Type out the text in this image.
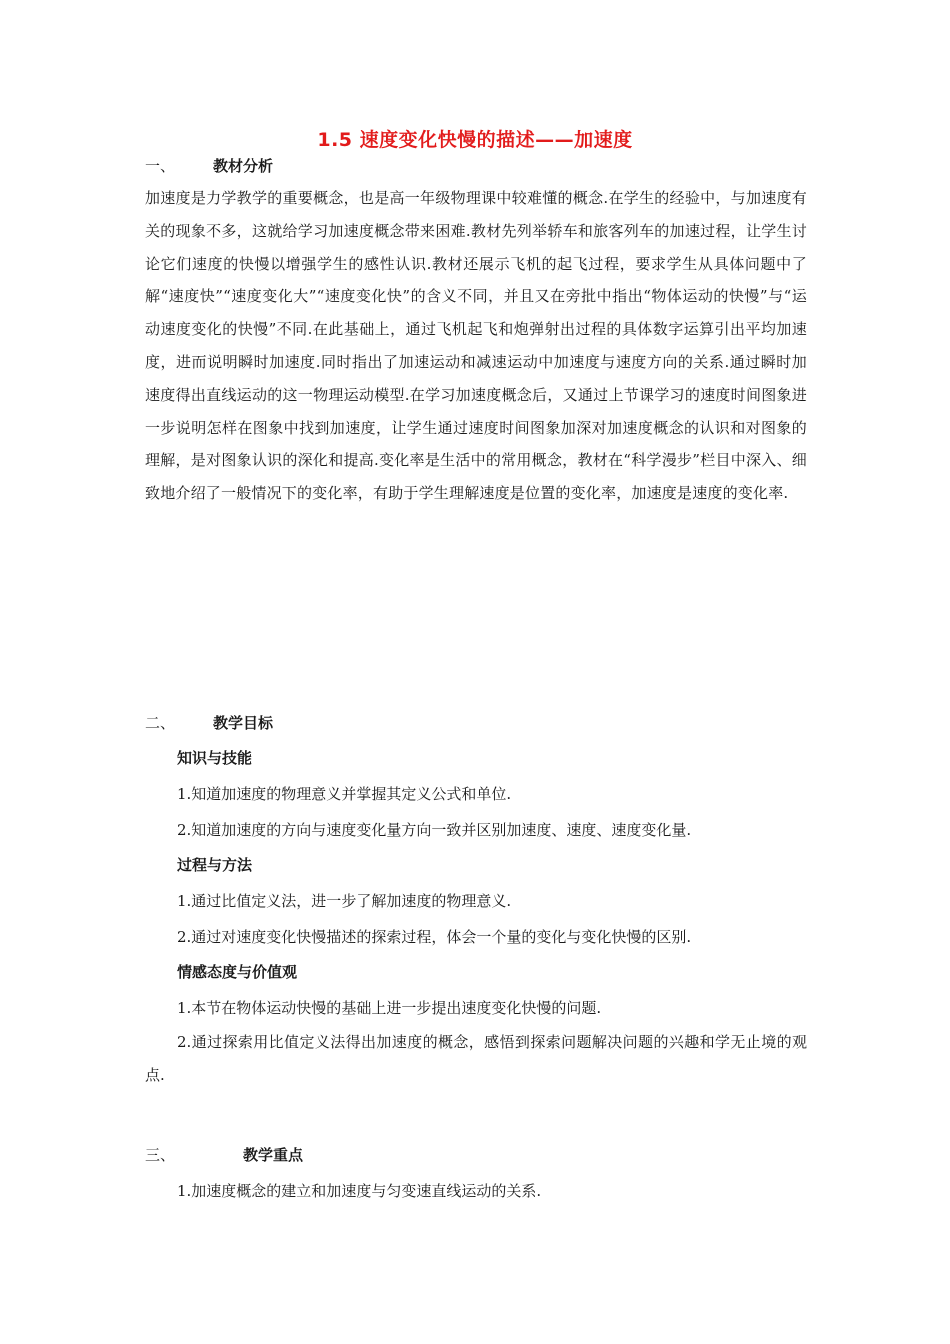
1.5 速度变化快慢的描述——加速度
一、	教材分析
加速度是力学教学的重要概念，也是高一年级物理课中较难懂的概念.在学生的经验中，与加速度有关的现象不多，这就给学习加速度概念带来困难.教材先列举轿车和旅客列车的加速过程，让学生讨论它们速度的快慢以增强学生的感性认识.教材还展示飞机的起飞过程，要求学生从具体问题中了解“速度快”“速度变化大”“速度变化快”的含义不同，并且又在旁批中指出“物体运动的快慢”与“运动速度变化的快慢”不同.在此基础上，通过飞机起飞和炮弹射出过程的具体数字运算引出平均加速度，进而说明瞬时加速度.同时指出了加速运动和减速运动中加速度与速度方向的关系.通过瞬时加速度得出直线运动的这一物理运动模型.在学习加速度概念后，又通过上节课学习的速度时间图象进一步说明怎样在图象中找到加速度，让学生通过速度时间图象加深对加速度概念的认识和对图象的理解，是对图象认识的深化和提高.变化率是生活中的常用概念，教材在“科学漫步”栏目中深入、细致地介绍了一般情况下的变化率，有助于学生理解速度是位置的变化率，加速度是速度的变化率.
二、	教学目标
知识与技能
1.知道加速度的物理意义并掌握其定义公式和单位.
2.知道加速度的方向与速度变化量方向一致并区别加速度、速度、速度变化量.
过程与方法
1.通过比值定义法，进一步了解加速度的物理意义.
2.通过对速度变化快慢描述的探索过程，体会一个量的变化与变化快慢的区别.
情感态度与价值观
1.本节在物体运动快慢的基础上进一步提出速度变化快慢的问题.
2.通过探索用比值定义法得出加速度的概念，感悟到探索问题解决问题的兴趣和学无止境的观点.
三、	教学重点
1.加速度概念的建立和加速度与匀变速直线运动的关系.
